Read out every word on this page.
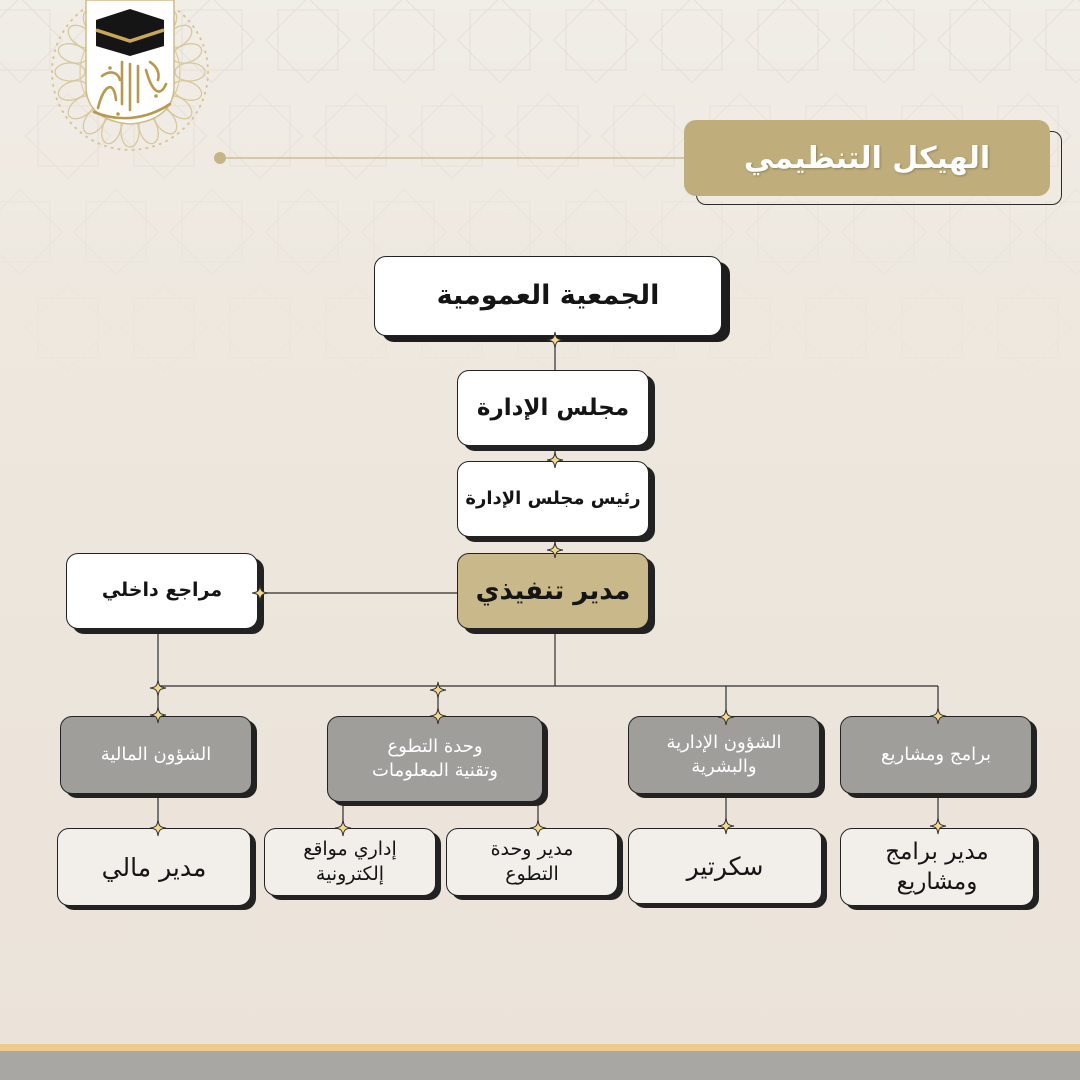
الهيكل التنظيمي
الجمعية العمومية
مجلس الإدارة
رئيس مجلس الإدارة
مدير تنفيذي
مراجع داخلي
الشؤون المالية	وحدة التطوع
وتقنية المعلومات
الشؤون الإدارية
والبشرية
برامج ومشاريع
مدير مالي
إداري مواقع
إلكترونية
مدير وحدة
التطوع	سكرتير	مدير برامج
ومشاريع
